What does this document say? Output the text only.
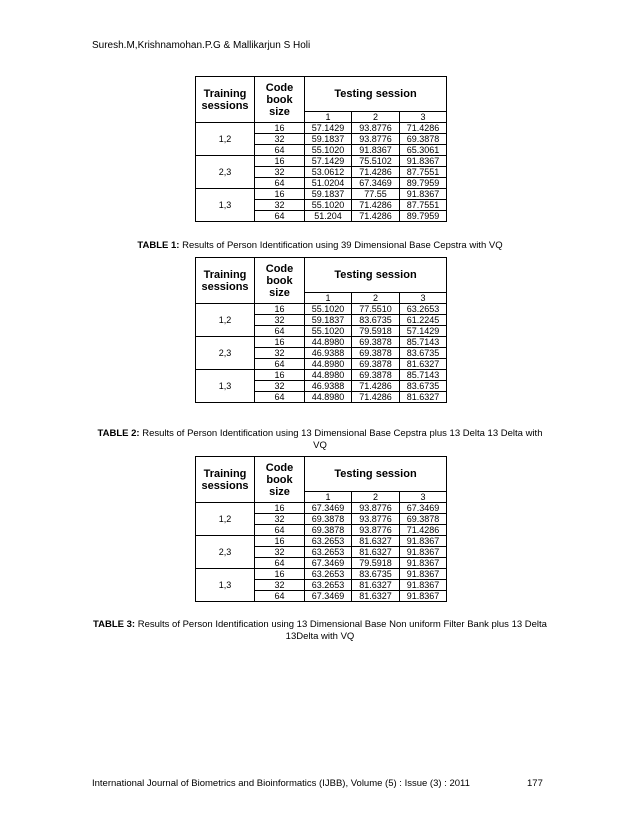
Suresh.M,Krishnamohan.P.G & Mallikarjun S Holi
Training sessions	Code book size	Testing session		
		1	2	3
1,2	16	57.1429	93.8776	71.4286
	32	59.1837	93.8776	69.3878
	64	55.1020	91.8367	65.3061
2,3	16	57.1429	75.5102	91.8367
	32	53.0612	71.4286	87.7551
	64	51.0204	67.3469	89.7959
1,3	16	59.1837	77.55	91.8367
	32	55.1020	71.4286	87.7551
	64	51.204	71.4286	89.7959
TABLE 1: Results of Person Identification using 39 Dimensional Base Cepstra with VQ
Training sessions	Code book size	Testing session		
		1	2	3
1,2	16	55.1020	77.5510	63.2653
	32	59.1837	83.6735	61.2245
	64	55.1020	79.5918	57.1429
2,3	16	44.8980	69.3878	85.7143
	32	46.9388	69.3878	83.6735
	64	44.8980	69.3878	81.6327
1,3	16	44.8980	69.3878	85.7143
	32	46.9388	71.4286	83.6735
	64	44.8980	71.4286	81.6327
TABLE 2: Results of Person Identification using 13 Dimensional Base Cepstra plus 13 Delta 13 Delta with VQ
Training sessions	Code book size	Testing session		
		1	2	3
1,2	16	67.3469	93.8776	67.3469
	32	69.3878	93.8776	69.3878
	64	69.3878	93.8776	71.4286
2,3	16	63.2653	81.6327	91.8367
	32	63.2653	81.6327	91.8367
	64	67.3469	79.5918	91.8367
1,3	16	63.2653	83.6735	91.8367
	32	63.2653	81.6327	91.8367
	64	67.3469	81.6327	91.8367
TABLE 3: Results of Person Identification using 13 Dimensional Base Non uniform Filter Bank plus 13 Delta 13Delta with VQ
International Journal of Biometrics and Bioinformatics (IJBB), Volume (5) : Issue (3) : 2011	177
